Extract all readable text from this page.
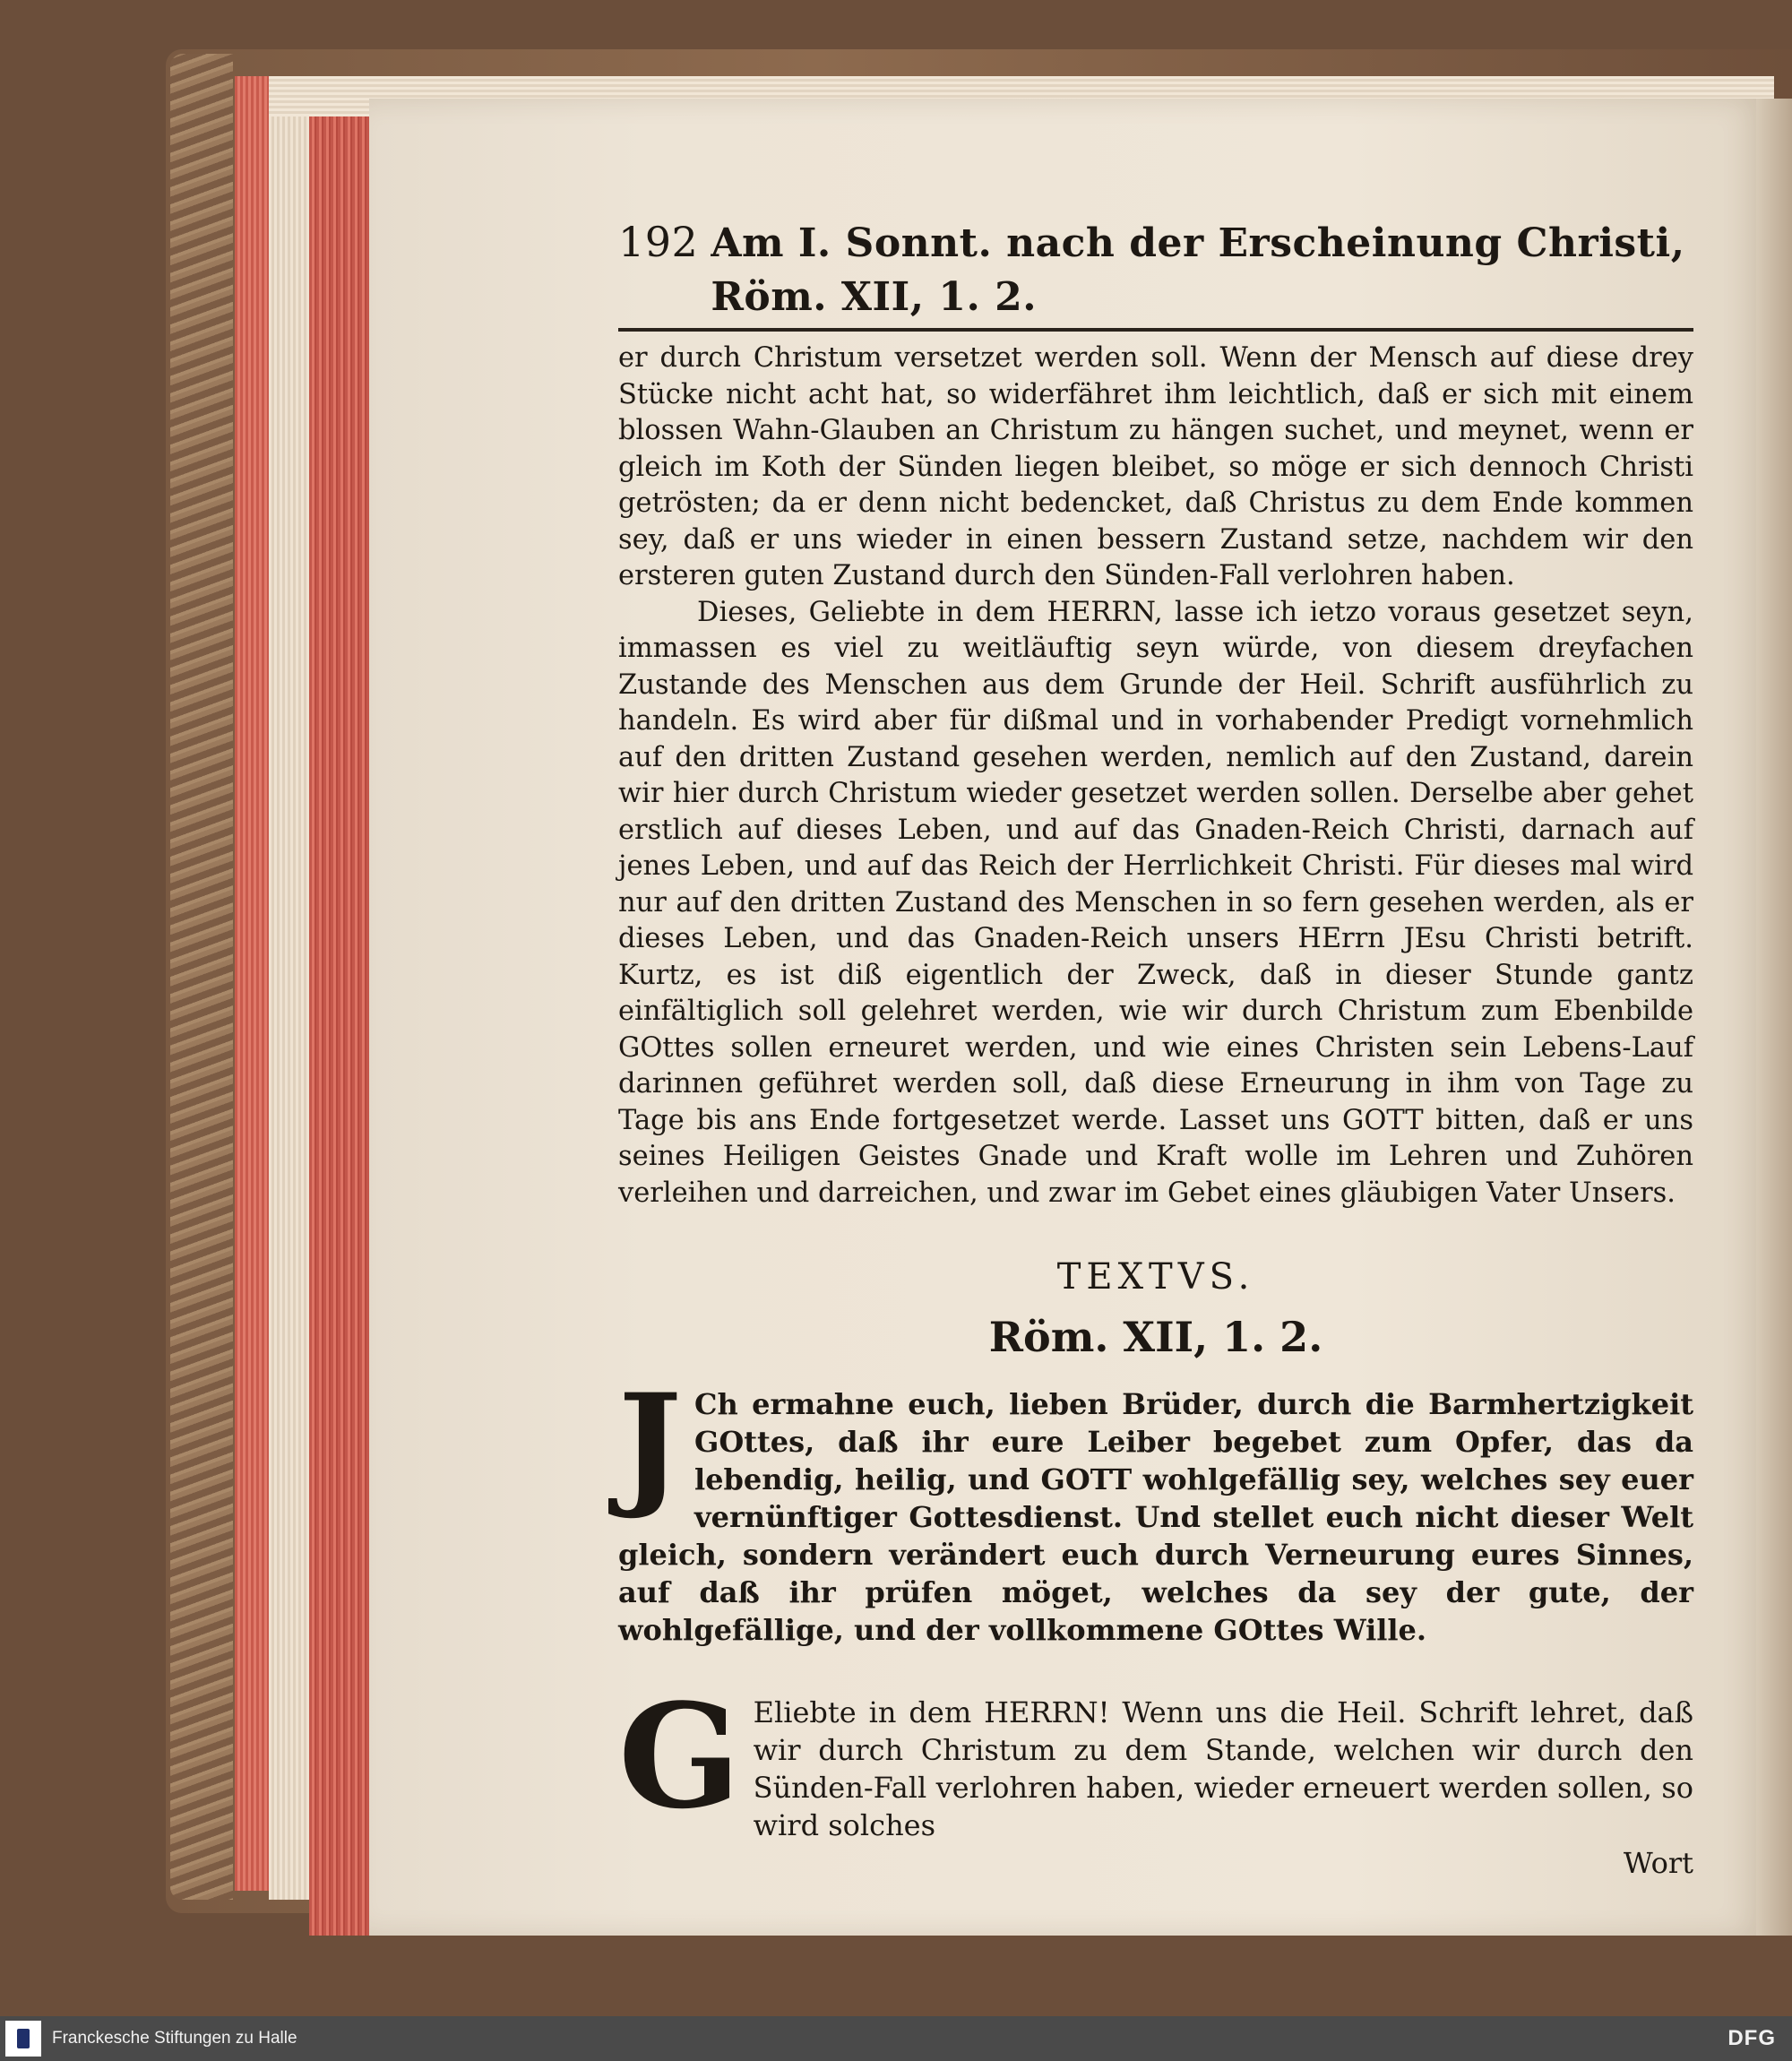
192 Am I. Sonnt. nach der Erscheinung Christi, Röm. XII, 1. 2.

er durch Christum versetzet werden soll. Wenn der Mensch auf diese drey Stücke nicht acht hat, so widerfähret ihm leichtlich, daß er sich mit einem blossen Wahn-Glauben an Christum zu hängen suchet, und meynet, wenn er gleich im Koth der Sünden liegen bleibet, so möge er sich dennoch Christi getrösten; da er denn nicht bedencket, daß Christus zu dem Ende kommen sey, daß er uns wieder in einen bessern Zustand setze, nachdem wir den ersteren guten Zustand durch den Sünden-Fall verlohren haben.

Dieses, Geliebte in dem HERRN, lasse ich ietzo voraus gesetzet seyn, immassen es viel zu weitläuftig seyn würde, von diesem dreyfachen Zustande des Menschen aus dem Grunde der Heil. Schrift ausführlich zu handeln. Es wird aber für dißmal und in vorhabender Predigt vornehmlich auf den dritten Zustand gesehen werden, nemlich auf den Zustand, darein wir hier durch Christum wieder gesetzet werden sollen. Derselbe aber gehet erstlich auf dieses Leben, und auf das Gnaden-Reich Christi, darnach auf jenes Leben, und auf das Reich der Herrlichkeit Christi. Für dieses mal wird nur auf den dritten Zustand des Menschen in so fern gesehen werden, als er dieses Leben, und das Gnaden-Reich unsers HErrn JEsu Christi betrift. Kurtz, es ist diß eigentlich der Zweck, daß in dieser Stunde gantz einfältiglich soll gelehret werden, wie wir durch Christum zum Ebenbilde GOttes sollen erneuret werden, und wie eines Christen sein Lebens-Lauf darinnen geführet werden soll, daß diese Erneurung in ihm von Tage zu Tage bis ans Ende fortgesetzet werde. Lasset uns GOTT bitten, daß er uns seines Heiligen Geistes Gnade und Kraft wolle im Lehren und Zuhören verleihen und darreichen, und zwar im Gebet eines gläubigen Vater Unsers.

TEXTVS.
Röm. XII, 1. 2.
J Ch ermahne euch, lieben Brüder, durch die Barmhertzigkeit GOttes, daß ihr eure Leiber begebet zum Opfer, das da lebendig, heilig, und GOTT wohlgefällig sey, welches sey euer vernünftiger Gottesdienst. Und stellet euch nicht dieser Welt gleich, sondern verändert euch durch Verneurung eures Sinnes, auf daß ihr prüfen möget, welches da sey der gute, der wohlgefällige, und der vollkommene GOttes Wille.
G Eliebte in dem HERRN! Wenn uns die Heil. Schrift lehret, daß wir durch Christum zu dem Stande, welchen wir durch den Sünden-Fall verlohren haben, wieder erneuert werden sollen, so wird solches
Wort
Franckesche Stiftungen zu Halle	DFG
